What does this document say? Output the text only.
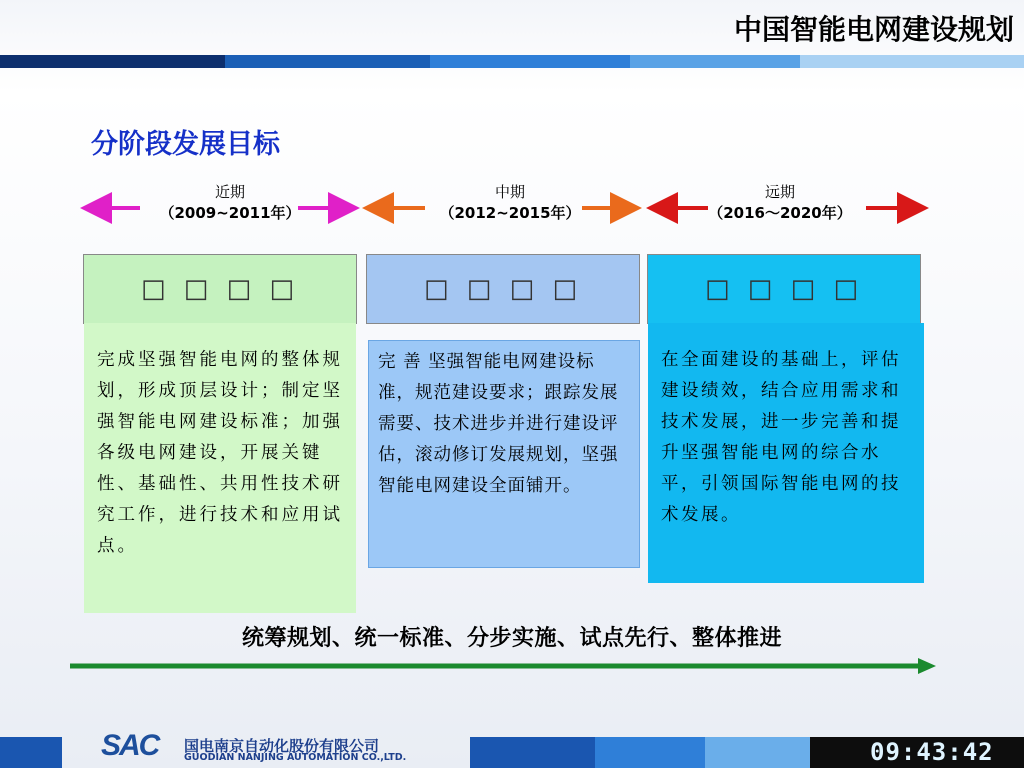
中国智能电网建设规划
分阶段发展目标
近期
（2009~2011年）
中期
（2012~2015年）
远期
（2016～2020年）
□ □ □ □	□ □ □ □	□ □ □ □
完成坚强智能电网的整体规划，形成顶层设计；制定坚强智能电网建设标准；加强各级电网建设，开展关键性、基础性、共用性技术研究工作，进行技术和应用试点。
完 善 坚强智能电网建设标准，规范建设要求；跟踪发展需要、技术进步并进行建设评估，滚动修订发展规划，坚强智能电网建设全面铺开。
在全面建设的基础上，评估建设绩效，结合应用需求和技术发展，进一步完善和提升坚强智能电网的综合水平，引领国际智能电网的技术发展。
统筹规划、统一标准、分步实施、试点先行、整体推进
SAC 国电南京自动化股份有限公司
GUODIAN NANJING AUTOMATION CO.,LTD.	09:43:42
